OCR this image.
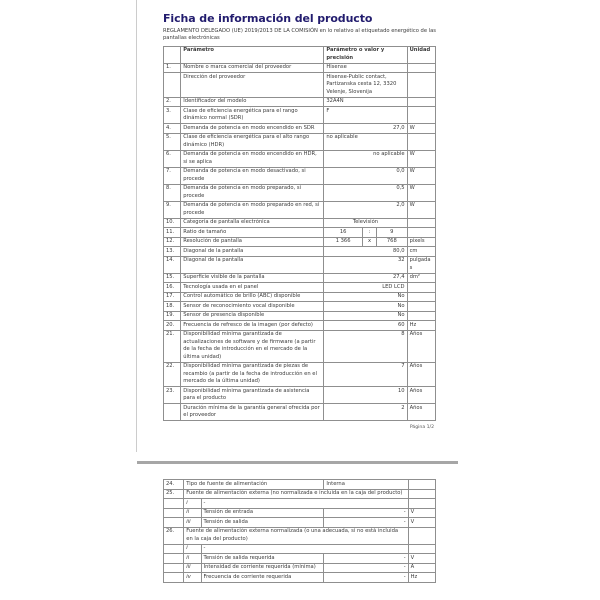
Ficha de información del producto
REGLAMENTO DELEGADO (UE) 2019/2013 DE LA COMISIÓN en lo relativo al etiquetado energético de las pantallas electrónicas
	Parámetro	Parámetro o valor y precisión			Unidad
1.	Nombre o marca comercial del proveedor	Hisense			
	Dirección del proveedor	Hisense-Public contact, Partizanska cesta 12, 3320 Velenje, Slovenija			
2.	Identificador del modelo	32A4N			
3.	Clase de eficiencia energética para el rango dinámico normal (SDR)	F			
4.	Demanda de potencia en modo encendido en SDR	27,0			W
5.	Clase de eficiencia energética para el alto rango dinámico (HDR)	no aplicable			
6.	Demanda de potencia en modo encendido en HDR, si se aplica	no aplicable			W
7.	Demanda de potencia en modo desactivado, si procede	0,0			W
8.	Demanda de potencia en modo preparado, si procede	0,5			W
9.	Demanda de potencia en modo preparado en red, si procede	2,0			W
10.	Categoría de pantalla electrónica	Televisión			
11.	Ratio de tamaño	16	:	9	
12.	Resolución de pantalla	1 366	x	768	pixels
13.	Diagonal de la pantalla	80,0			cm
14.	Diagonal de la pantalla	32			pulgadas
15.	Superficie visible de la pantalla	27,4			dm²
16.	Tecnología usada en el panel	LED LCD			
17.	Control automático de brillo (ABC) disponible	No			
18.	Sensor de reconocimiento vocal disponible	No			
19.	Sensor de presencia disponible	No			
20.	Frecuencia de refresco de la imagen (por defecto)	60			Hz
21.	Disponibilidad mínima garantizada de actualizaciones de software y de firmware (a partir de la fecha de introducción en el mercado de la última unidad)	8			Años
22.	Disponibilidad mínima garantizada de piezas de recambio (a partir de la fecha de introducción en el mercado de la última unidad)	7			Años
23.	Disponibilidad mínima garantizada de asistencia para el producto	10			Años
	Duración mínima de la garantía general ofrecida por el proveedor	2			Años
Página 1/2
24.	Tipo de fuente de alimentación		Interna	
25.	Fuente de alimentación externa (no normalizada e incluida en la caja del producto)			
	i	-		
	ii	Tensión de entrada	-	V
	iii	Tensión de salida	-	V
26.	Fuente de alimentación externa normalizada (o una adecuada, si no está incluida en la caja del producto)			
	i	-		
	ii	Tensión de salida requerida	-	V
	iii	Intensidad de corriente requerida (mínima)	-	A
	iv	Frecuencia de corriente requerida	-	Hz
